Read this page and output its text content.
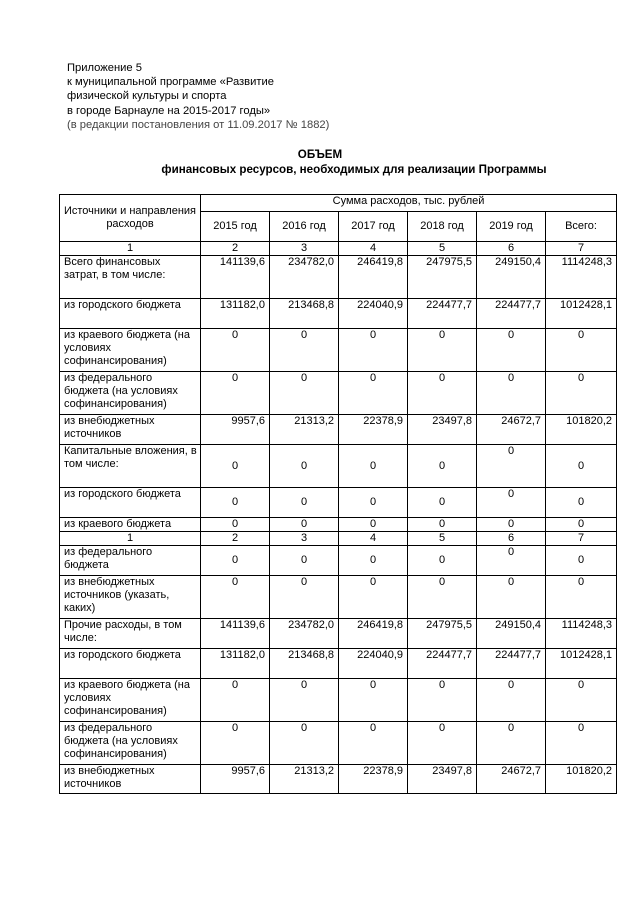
Приложение 5
к муниципальной программе «Развитие
физической культуры и спорта
в городе Барнауле на 2015-2017 годы»
(в редакции постановления от 11.09.2017 № 1882)
ОБЪЕМ
финансовых ресурсов, необходимых для реализации Программы
Источники и направления расходов	Сумма расходов, тыс. рублей					
	2015 год	2016 год	2017 год	2018 год	2019 год	Всего:
1	2	3	4	5	6	7
Всего финансовых затрат, в том числе:	141139,6	234782,0	246419,8	247975,5	249150,4	1114248,3
из городского бюджета	131182,0	213468,8	224040,9	224477,7	224477,7	1012428,1
из краевого бюджета (на условиях софинансирования)	0	0	0	0	0	0
из федерального бюджета (на условиях софинансирования)	0	0	0	0	0	0
из внебюджетных источников	9957,6	21313,2	22378,9	23497,8	24672,7	101820,2
Капитальные вложения, в том числе:	0	0	0	0	0	0
из городского бюджета	0	0	0	0	0	0
из краевого бюджета	0	0	0	0	0	0
1	2	3	4	5	6	7
из федерального бюджета	0	0	0	0	0	0
из внебюджетных источников (указать, каких)	0	0	0	0	0	0
Прочие расходы, в том числе:	141139,6	234782,0	246419,8	247975,5	249150,4	1114248,3
из городского бюджета	131182,0	213468,8	224040,9	224477,7	224477,7	1012428,1
из краевого бюджета (на условиях софинансирования)	0	0	0	0	0	0
из федерального бюджета (на условиях софинансирования)	0	0	0	0	0	0
из внебюджетных источников	9957,6	21313,2	22378,9	23497,8	24672,7	101820,2
